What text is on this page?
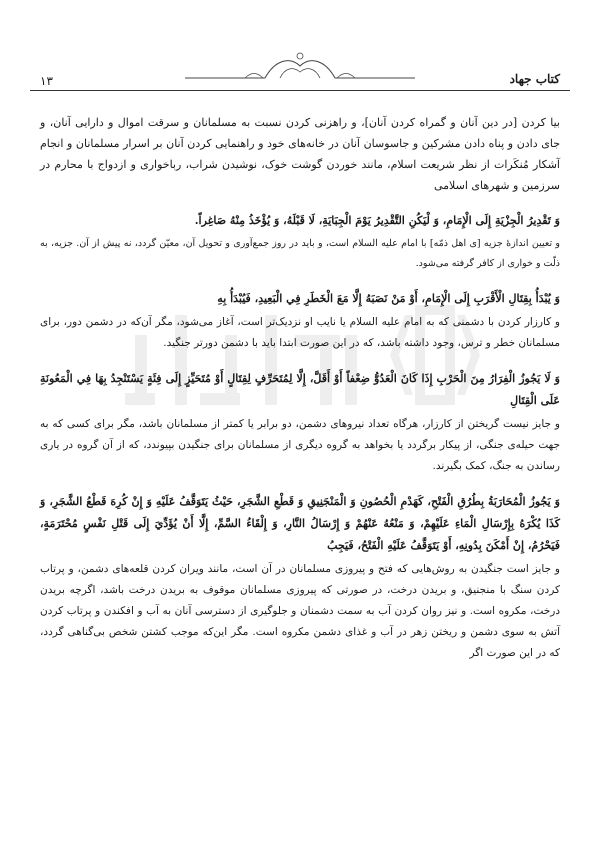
۱۳	کتاب جهاد

بیا کردن [در دین آنان و گمراه کردن آنان]، و راهزنی کردن نسبت به مسلمانان و سرقت اموال و دارایی آنان، و جای دادن و پناه دادن مشرکین و جاسوسان آنان در خانه‌های خود و راهنمایی کردن آنان بر اسرار مسلمانان و انجام آشکار مُنکَرات از نظر شریعت اسلام، مانند خوردن گوشت خوک، نوشیدن شراب، رباخواری و ازدواج با محارم در سرزمین و شهرهای اسلامی

وَ تَقْدِيرُ الْجِزْيَةِ إِلَى الْإِمَامِ، وَ لْيَكُنِ التَّقْدِيرُ يَوْمَ الْجِبَايَةِ، لَا قَبْلَهُ، وَ يُؤْخَذُ مِنْهُ صَاغِراً.

و تعیین اندازهٔ جزیه [ی اهل ذمّه] با امام علیه السلام است، و باید در روز جمع‌آوری و تحویل آن، معیّن گردد، نه پیش از آن. جزیه، به ذلّت و خواری از کافر گرفته می‌شود.

وَ يُبْدَأُ بِقِتَالِ الْأَقْرَبِ إِلَى الْإِمَامِ، أَوْ مَنْ نَصَبَهُ إِلَّا مَعَ الْخَطَرِ فِي الْبَعِيدِ، فَيُبْدَأُ بِهِ

و کارزار کردن با دشمنی که به امام علیه السلام یا نایب او نزدیک‌تر است، آغاز می‌شود، مگر آن‌که در دشمن دور، برای مسلمانان خطر و ترس، وجود داشته باشد، که در این صورت ابتدا باید با دشمن دورتر جنگید.

وَ لَا يَجُوزُ الْفِرَارُ مِنَ الْحَرْبِ إِذَا كَانَ الْعَدُوُّ ضِعْفاً أَوْ أَقَلَّ، إِلَّا لِمُتَحَرِّفٍ لِقِتَالٍ أَوْ مُتَحَيِّزٍ إِلَى فِئَةٍ يَسْتَنْجِدُ بِهَا فِي الْمَعُونَةِ عَلَى الْقِتَالِ

و جایز نیست گریختن از کارزار، هرگاه تعداد نیروهای دشمن، دو برابر یا کمتر از مسلمانان باشد، مگر برای کسی که به جهت حیله‌ی جنگی، از پیکار برگردد یا بخواهد به گروه دیگری از مسلمانان برای جنگیدن بپیوندد، که از آن گروه در یاری رساندن به جنگ، کمک بگیرند.

وَ يَجُوزُ الْمُحَارَبَةُ بِطُرُقِ الْفَتْحِ، كَهَدْمِ الْحُصُونِ وَ الْمَنْجَنِيقِ وَ قَطْعِ الشَّجَرِ، حَيْثُ يَتَوَقَّفُ عَلَيْهِ وَ إِنْ كُرِهَ قَطْعُ الشَّجَرِ، وَ كَذَا يُكْرَهُ بِإِرْسَالِ الْمَاءِ عَلَيْهِمْ، وَ مَنْعُهُ عَنْهُمْ وَ إِرْسَالُ النَّارِ، وَ إِلْقَاءُ السَّمِّ، إِلَّا أَنْ يُؤَدِّيَ إِلَى قَتْلِ نَفْسٍ مُحْتَرَمَةٍ، فَيَحْرُمُ، إِنْ أَمْكَنَ بِدُونِهِ، أَوْ يَتَوَقَّفُ عَلَيْهِ الْفَتْحُ، فَيَجِبُ

و جایز است جنگیدن به روش‌هایی که فتح و پیروزی مسلمانان در آن است، مانند ویران کردن قلعه‌های دشمن، و پرتاب کردن سنگ با منجنیق، و بریدن درخت، در صورتی که پیروزی مسلمانان موقوف به بریدن درخت باشد، اگرچه بریدن درخت، مکروه است. و نیز روان کردن آب به سمت دشمنان و جلوگیری از دسترسی آنان به آب و افکندن و پرتاب کردن آتش به سوی دشمن و ریختن زهر در آب و غذای دشمن مکروه است. مگر این‌که موجب کشتن شخص بی‌گناهی گردد، که در این صورت اگر
